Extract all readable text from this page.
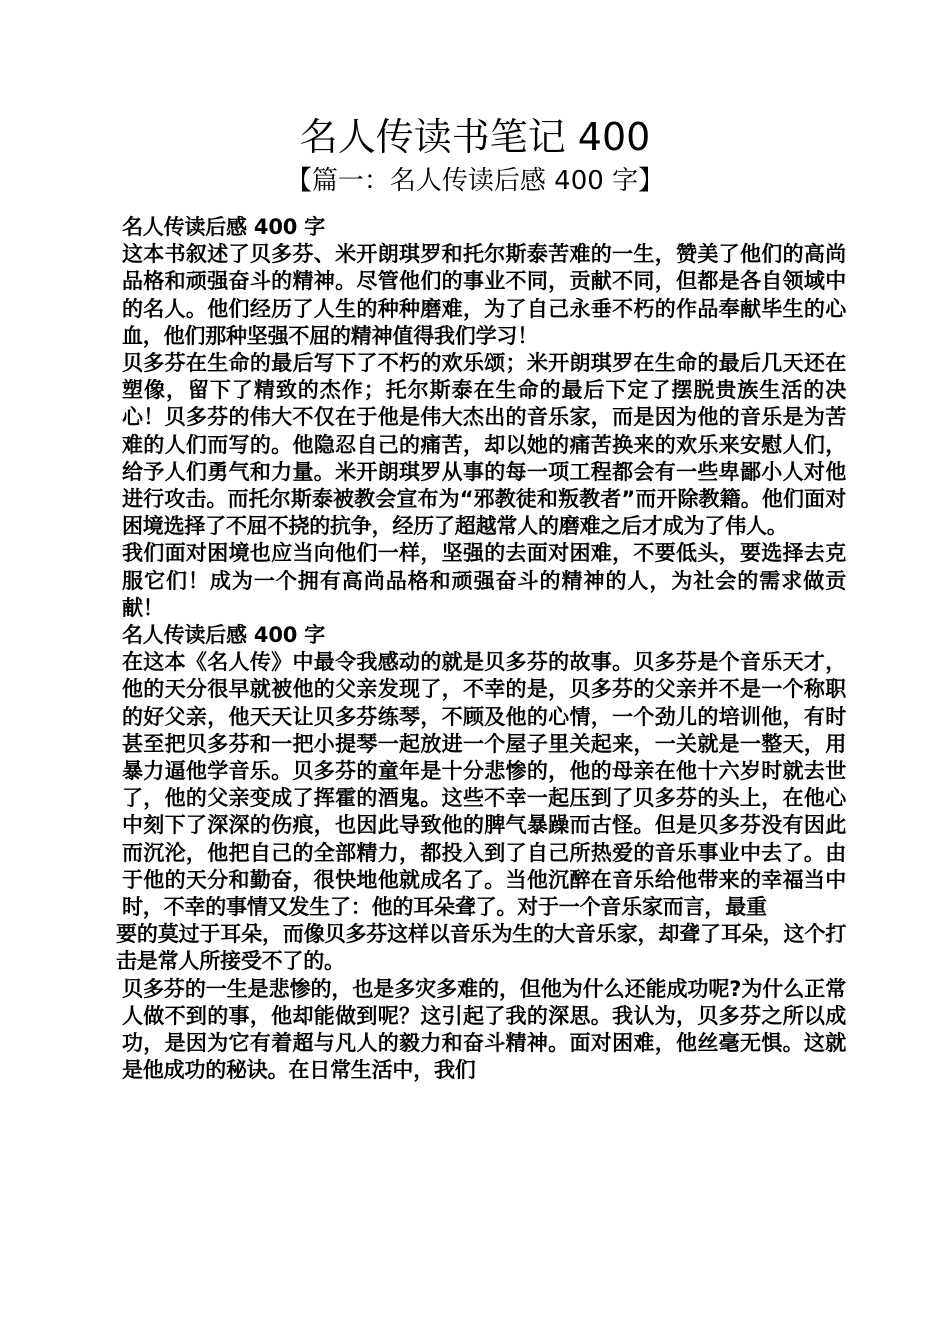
名人传读书笔记 400
【篇一：名人传读后感 400 字】

名人传读后感 400 字

这本书叙述了贝多芬、米开朗琪罗和托尔斯泰苦难的一生，赞美了他们的高尚品格和顽强奋斗的精神。尽管他们的事业不同，贡献不同，但都是各自领域中的名人。他们经历了人生的种种磨难，为了自己永垂不朽的作品奉献毕生的心血，他们那种坚强不屈的精神值得我们学习！

贝多芬在生命的最后写下了不朽的欢乐颂；米开朗琪罗在生命的最后几天还在塑像，留下了精致的杰作；托尔斯泰在生命的最后下定了摆脱贵族生活的决心！贝多芬的伟大不仅在于他是伟大杰出的音乐家，而是因为他的音乐是为苦难的人们而写的。他隐忍自己的痛苦，却以她的痛苦换来的欢乐来安慰人们，给予人们勇气和力量。米开朗琪罗从事的每一项工程都会有一些卑鄙小人对他进行攻击。而托尔斯泰被教会宣布为“邪教徒和叛教者”而开除教籍。他们面对困境选择了不屈不挠的抗争，经历了超越常人的磨难之后才成为了伟人。

我们面对困境也应当向他们一样，坚强的去面对困难，不要低头，要选择去克服它们！成为一个拥有高尚品格和顽强奋斗的精神的人，为社会的需求做贡献！

名人传读后感 400 字

在这本《名人传》中最令我感动的就是贝多芬的故事。贝多芬是个音乐天才，他的天分很早就被他的父亲发现了，不幸的是，贝多芬的父亲并不是一个称职的好父亲，他天天让贝多芬练琴，不顾及他的心情，一个劲儿的培训他，有时甚至把贝多芬和一把小提琴一起放进一个屋子里关起来，一关就是一整天，用暴力逼他学音乐。贝多芬的童年是十分悲惨的，他的母亲在他十六岁时就去世了，他的父亲变成了挥霍的酒鬼。这些不幸一起压到了贝多芬的头上，在他心中刻下了深深的伤痕，也因此导致他的脾气暴躁而古怪。但是贝多芬没有因此而沉沦，他把自己的全部精力，都投入到了自己所热爱的音乐事业中去了。由于他的天分和勤奋，很快地他就成名了。当他沉醉在音乐给他带来的幸福当中时，不幸的事情又发生了：他的耳朵聋了。对于一个音乐家而言，最重

要的莫过于耳朵，而像贝多芬这样以音乐为生的大音乐家，却聋了耳朵，这个打击是常人所接受不了的。

贝多芬的一生是悲惨的，也是多灾多难的，但他为什么还能成功呢?为什么正常人做不到的事，他却能做到呢？这引起了我的深思。我认为，贝多芬之所以成功，是因为它有着超与凡人的毅力和奋斗精神。面对困难，他丝毫无惧。这就是他成功的秘诀。在日常生活中，我们
